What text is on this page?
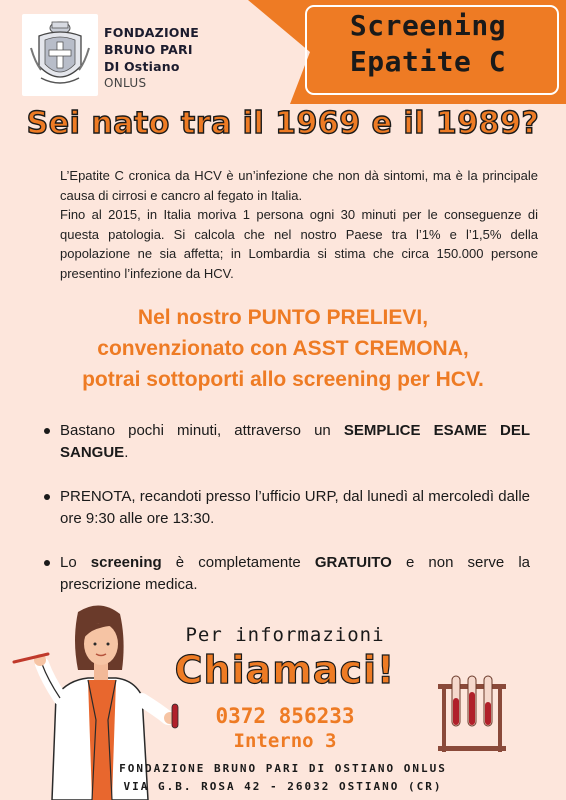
FONDAZIONE
BRUNO PARI
DI Ostiano
ONLUS
Screening
Epatite C
Sei nato tra il 1969 e il 1989?

L’Epatite C cronica da HCV è un’infezione che non dà sintomi, ma è la principale causa di cirrosi e cancro al fegato in Italia.

Fino al 2015, in Italia moriva 1 persona ogni 30 minuti per le conseguenze di questa patologia. Si calcola che nel nostro Paese tra l’1% e l’1,5% della popolazione ne sia affetta; in Lombardia si stima che circa 150.000 persone presentino l’infezione da HCV.

Nel nostro PUNTO PRELIEVI,
convenzionato con ASST CREMONA,
potrai sottoporti allo screening per HCV.
Bastano pochi minuti, attraverso un SEMPLICE ESAME DEL SANGUE.
PRENOTA, recandoti presso l’ufficio URP, dal lunedì al mercoledì dalle ore 9:30 alle ore 13:30.
Lo screening è completamente GRATUITO e non serve la prescrizione medica.
Per informazioni
Chiamaci!
0372 856233
Interno 3
FONDAZIONE BRUNO PARI DI OSTIANO ONLUS
VIA G.B. ROSA 42 - 26032 OSTIANO (CR)
